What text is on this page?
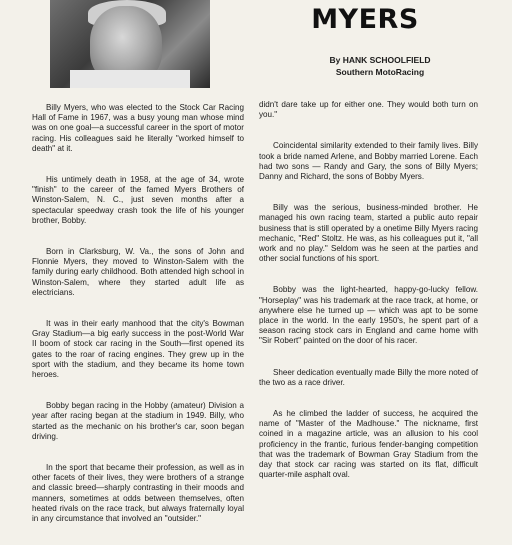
MYERS
By HANK SCHOOLFIELD
Southern MotoRacing

Billy Myers, who was elected to the Stock Car Racing Hall of Fame in 1967, was a busy young man whose mind was on one goal—a successful career in the sport of motor racing. His colleagues said he literally "worked himself to death" at it.

His untimely death in 1958, at the age of 34, wrote "finish" to the career of the famed Myers Brothers of Winston-Salem, N. C., just seven months after a spectacular speedway crash took the life of his younger brother, Bobby.

Born in Clarksburg, W. Va., the sons of John and Flonnie Myers, they moved to Winston-Salem with the family during early childhood. Both attended high school in Winston-Salem, where they started adult life as electricians.

It was in their early manhood that the city's Bowman Gray Stadium—a big early success in the post-World War II boom of stock car racing in the South—first opened its gates to the roar of racing engines. They grew up in the sport with the stadium, and they became its home town heroes.

Bobby began racing in the Hobby (amateur) Division a year after racing began at the stadium in 1949. Billy, who started as the mechanic on his brother's car, soon began driving.

In the sport that became their profession, as well as in other facets of their lives, they were brothers of a strange and classic breed—sharply contrasting in their moods and manners, sometimes at odds between themselves, often heated rivals on the race track, but always fraternally loyal in any circumstance that involved an "outsider."

didn't dare take up for either one. They would both turn on you."

Coincidental similarity extended to their family lives. Billy took a bride named Arlene, and Bobby married Lorene. Each had two sons — Randy and Gary, the sons of Billy Myers; Danny and Richard, the sons of Bobby Myers.

Billy was the serious, business-minded brother. He managed his own racing team, started a public auto repair business that is still operated by a onetime Billy Myers racing mechanic, "Red" Stoltz. He was, as his colleagues put it, "all work and no play." Seldom was he seen at the parties and other social functions of his sport.

Bobby was the light-hearted, happy-go-lucky fellow. "Horseplay" was his trademark at the race track, at home, or anywhere else he turned up — which was apt to be some place in the world. In the early 1950's, he spent part of a season racing stock cars in England and came home with "Sir Robert" painted on the door of his racer.

Sheer dedication eventually made Billy the more noted of the two as a race driver.

As he climbed the ladder of success, he acquired the name of "Master of the Madhouse." The nickname, first coined in a magazine article, was an allusion to his cool proficiency in the frantic, furious fender-banging competition that was the trademark of Bowman Gray Stadium from the day that stock car racing was started on its flat, difficult quarter-mile asphalt oval.
